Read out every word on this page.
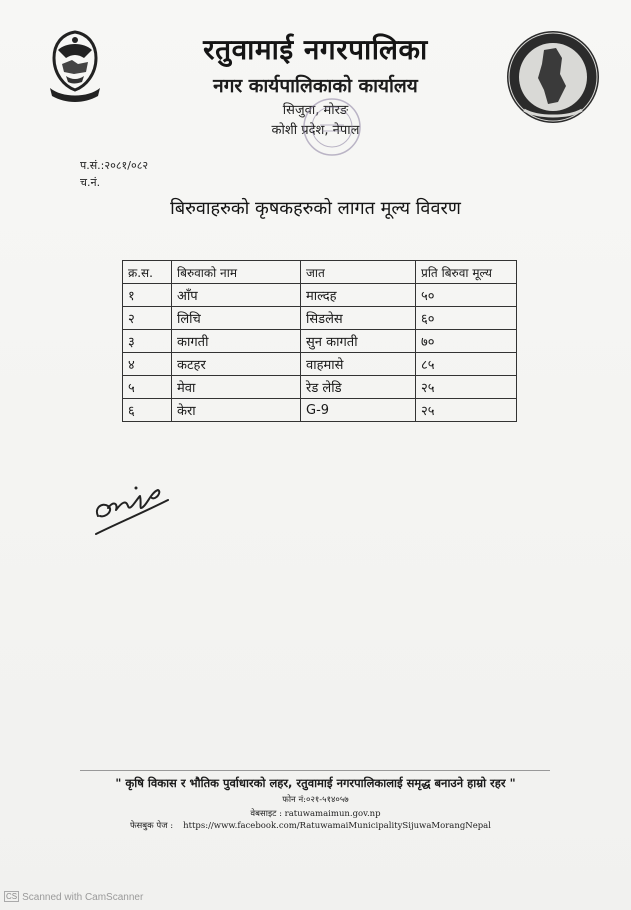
रतुवामाई नगरपालिका
नगर कार्यपालिकाको कार्यालय
सिजुवा, मोरङ
कोशी प्रदेश, नेपाल
प.सं.:२०८१/०८२
च.नं.
बिरुवाहरुको कृषकहरुको लागत मूल्य विवरण
क्र.स.	बिरुवाको नाम	जात	प्रति बिरुवा मूल्य
१	आँप	माल्दह	५०
२	लिचि	सिडलेस	६०
३	कागती	सुन कागती	७०
४	कटहर	वाहमासे	८५
५	मेवा	रेड लेडि	२५
६	केरा	G-9	२५
" कृषि विकास र भौतिक पुर्वाधारको लहर, रतुवामाई नगरपालिकालाई समृद्ध बनाउने हाम्रो रहर "
फोन नं:०२१-५१४०५७
वेबसाइट : ratuwamaimun.gov.np
फेसबुक पेज : https://www.facebook.com/RatuwamaiMunicipalitySijuwaMorangNepal
CS Scanned with CamScanner
